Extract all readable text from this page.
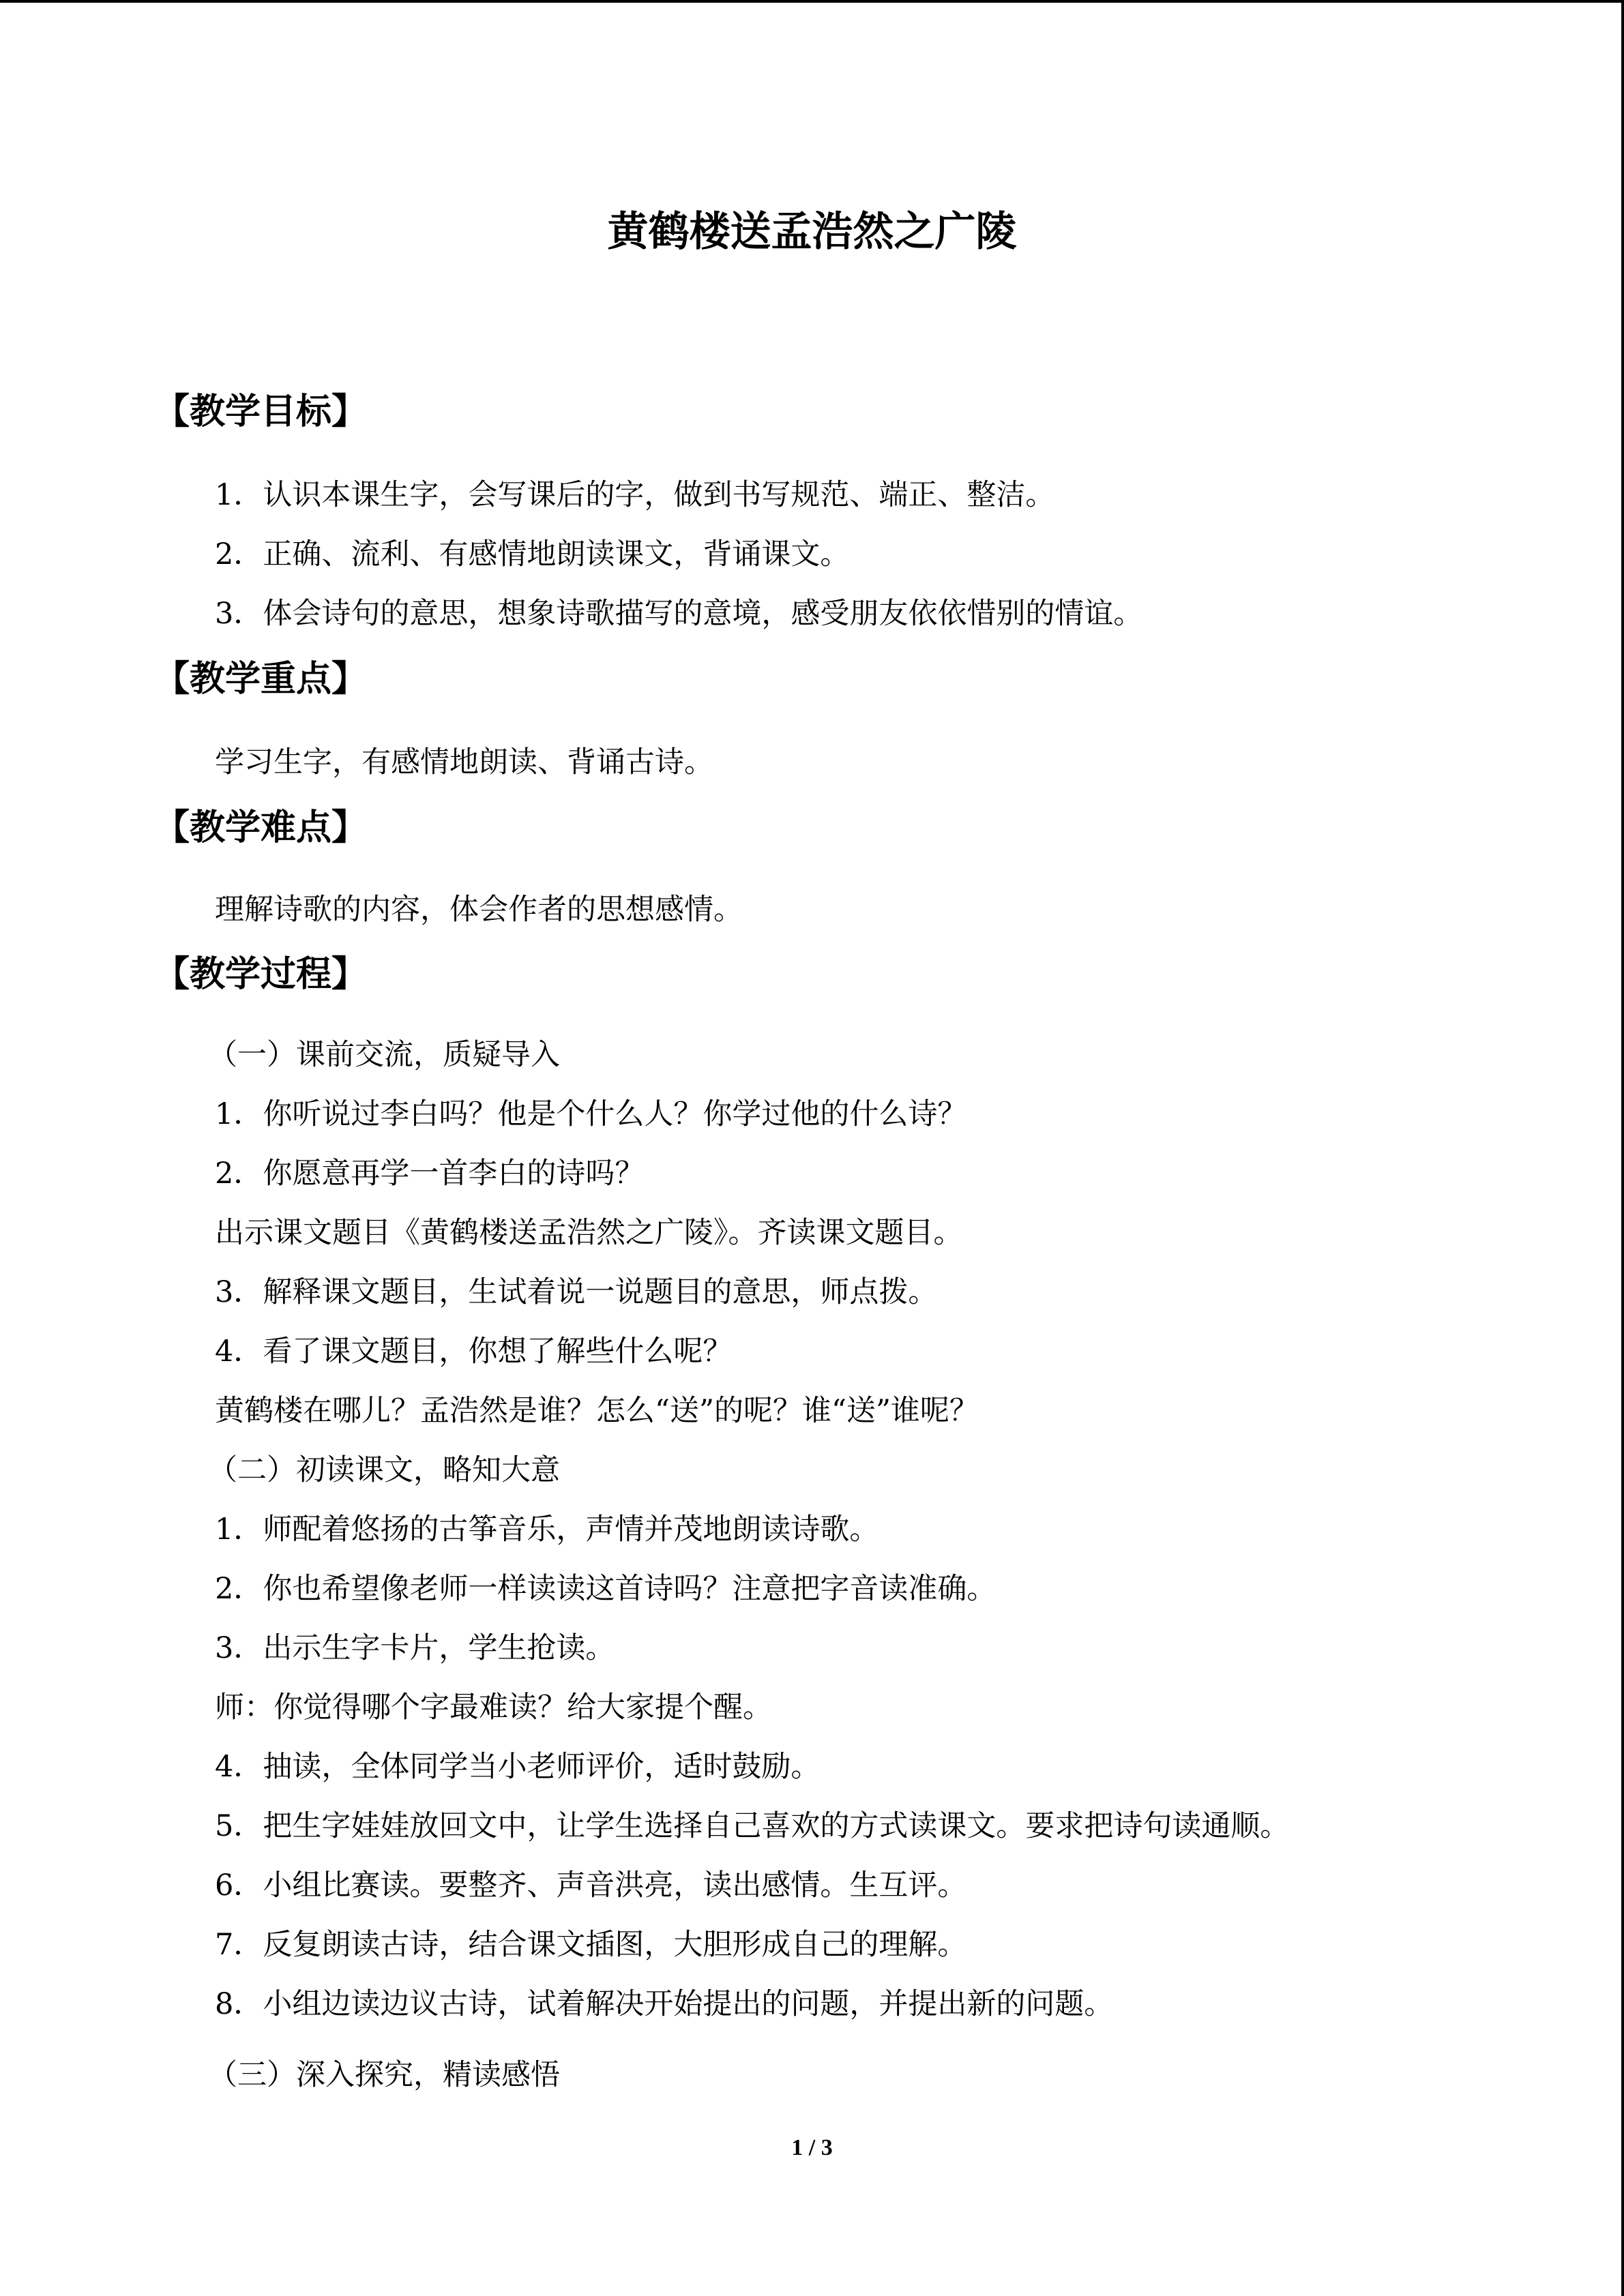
黄鹤楼送孟浩然之广陵
【教学目标】

1．认识本课生字，会写课后的字，做到书写规范、端正、整洁。

2．正确、流利、有感情地朗读课文，背诵课文。

3．体会诗句的意思，想象诗歌描写的意境，感受朋友依依惜别的情谊。

【教学重点】

学习生字，有感情地朗读、背诵古诗。

【教学难点】

理解诗歌的内容，体会作者的思想感情。

【教学过程】

（一）课前交流，质疑导入

1．你听说过李白吗？他是个什么人？你学过他的什么诗？

2．你愿意再学一首李白的诗吗？

出示课文题目《黄鹤楼送孟浩然之广陵》。齐读课文题目。

3．解释课文题目，生试着说一说题目的意思，师点拨。

4．看了课文题目，你想了解些什么呢？

黄鹤楼在哪儿？孟浩然是谁？怎么“送”的呢？谁“送”谁呢？

（二）初读课文，略知大意

1．师配着悠扬的古筝音乐，声情并茂地朗读诗歌。

2．你也希望像老师一样读读这首诗吗？注意把字音读准确。

3．出示生字卡片，学生抢读。

师：你觉得哪个字最难读？给大家提个醒。

4．抽读，全体同学当小老师评价，适时鼓励。

5．把生字娃娃放回文中，让学生选择自己喜欢的方式读课文。要求把诗句读通顺。

6．小组比赛读。要整齐、声音洪亮，读出感情。生互评。

7．反复朗读古诗，结合课文插图，大胆形成自己的理解。

8．小组边读边议古诗，试着解决开始提出的问题，并提出新的问题。

（三）深入探究，精读感悟

1 / 3
